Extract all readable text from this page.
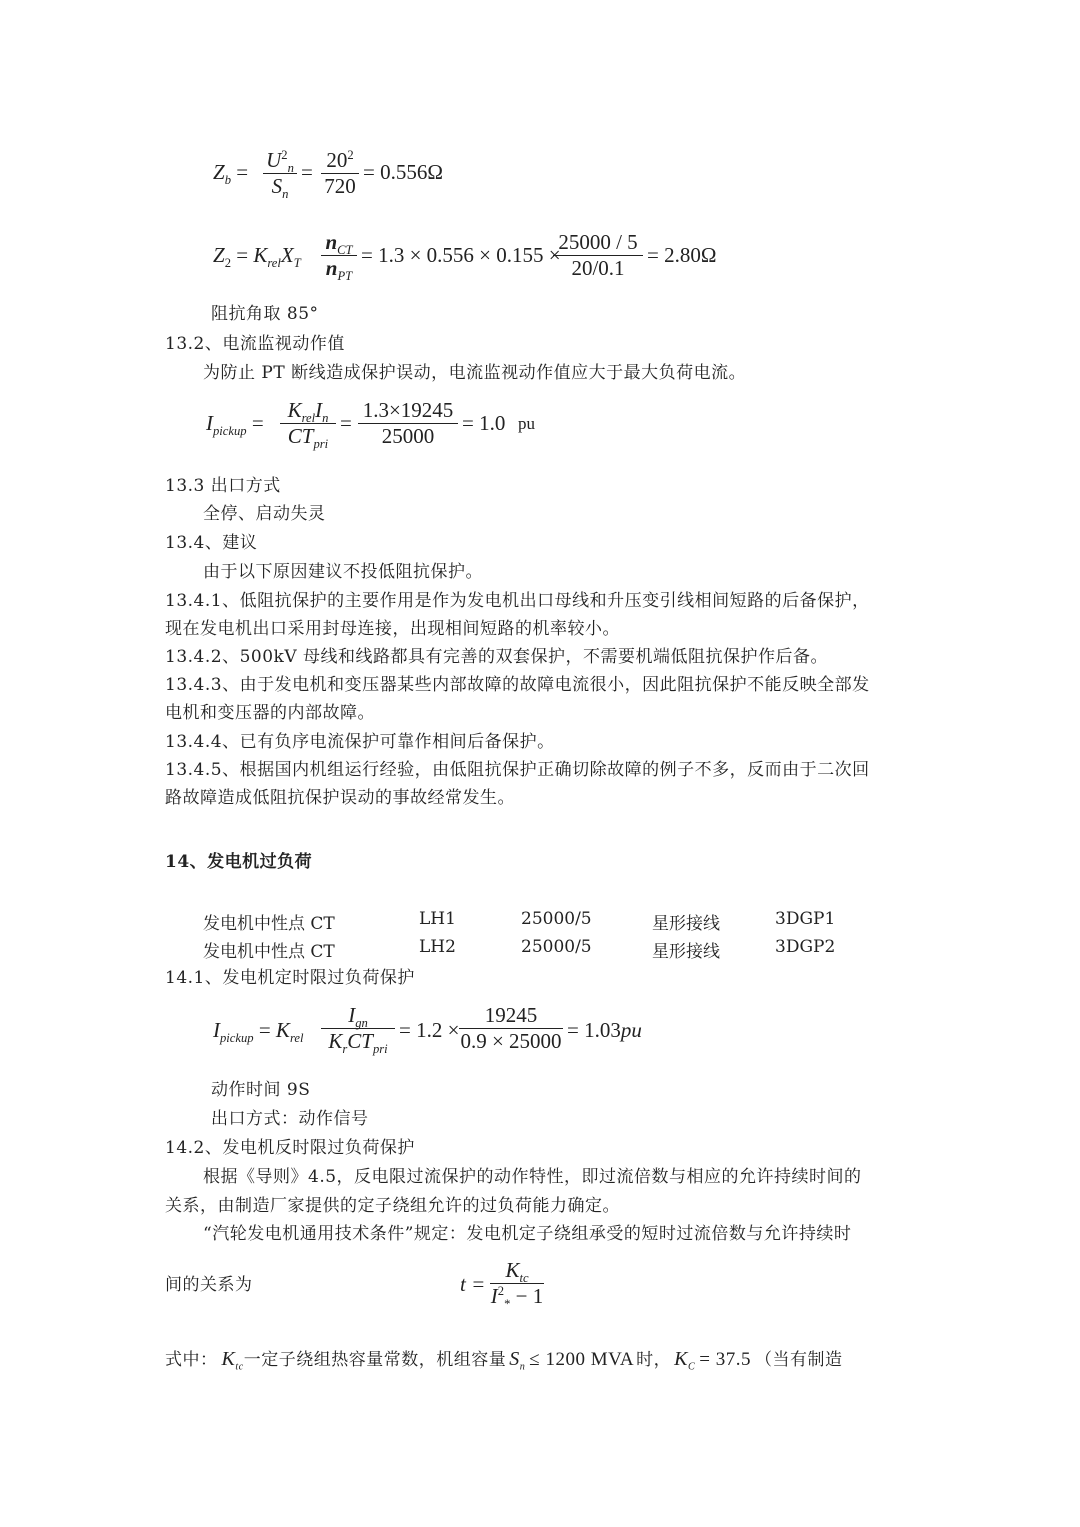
$Z_b = U^2_n$
$S_n$
= $20^2$
720
= 0.556Ω
$Z_2 = K_{rel}X_T$
$n_{CT}$
$n_{PT}$
= 1.3 × 0.556 × 0.155 ×
25000 / 5
20/0.1
= 2.80Ω
阻抗角取 85°
13.2、电流监视动作值
为防止 PT 断线造成保护误动，电流监视动作值应大于最大负荷电流。
$I_{pickup}$ =
$K_{rel}I_n$
$CT_{pri}$
=
1.3×19245
25000
= 1.0 pu
13.3 出口方式
全停、启动失灵
13.4、建议
由于以下原因建议不投低阻抗保护。
13.4.1、低阻抗保护的主要作用是作为发电机出口母线和升压变引线相间短路的后备保护，
现在发电机出口采用封母连接，出现相间短路的机率较小。
13.4.2、500kV 母线和线路都具有完善的双套保护，不需要机端低阻抗保护作后备。
13.4.3、由于发电机和变压器某些内部故障的故障电流很小，因此阻抗保护不能反映全部发
电机和变压器的内部故障。
13.4.4、已有负序电流保护可靠作相间后备保护。
13.4.5、根据国内机组运行经验，由低阻抗保护正确切除故障的例子不多，反而由于二次回
路故障造成低阻抗保护误动的事故经常发生。
14、发电机过负荷
发电机中性点 CT	LH1	25000/5	星形接线	3DGP1
发电机中性点 CT	LH2	25000/5	星形接线	3DGP2
14.1、发电机定时限过负荷保护
$I_{pickup} = K_{rel}$
$I_{gn}$
$K_rCT_{pri}$
= 1.2 ×
19245
0.9 × 25000 = 1.03pu
动作时间 9S
出口方式：动作信号
14.2、发电机反时限过负荷保护
根据《导则》4.5，反电限过流保护的动作特性，即过流倍数与相应的允许持续时间的
关系，由制造厂家提供的定子绕组允许的过负荷能力确定。
“汽轮发电机通用技术条件”规定：发电机定子绕组承受的短时过流倍数与允许持续时
间的关系为	t =
$K_{tc}$
$I^2_* - 1$
式中： $K_{tc}$一定子绕组热容量常数，机组容量 $S_n \le 1200$ MVA 时， $K_C = 37.5$ （当有制造
